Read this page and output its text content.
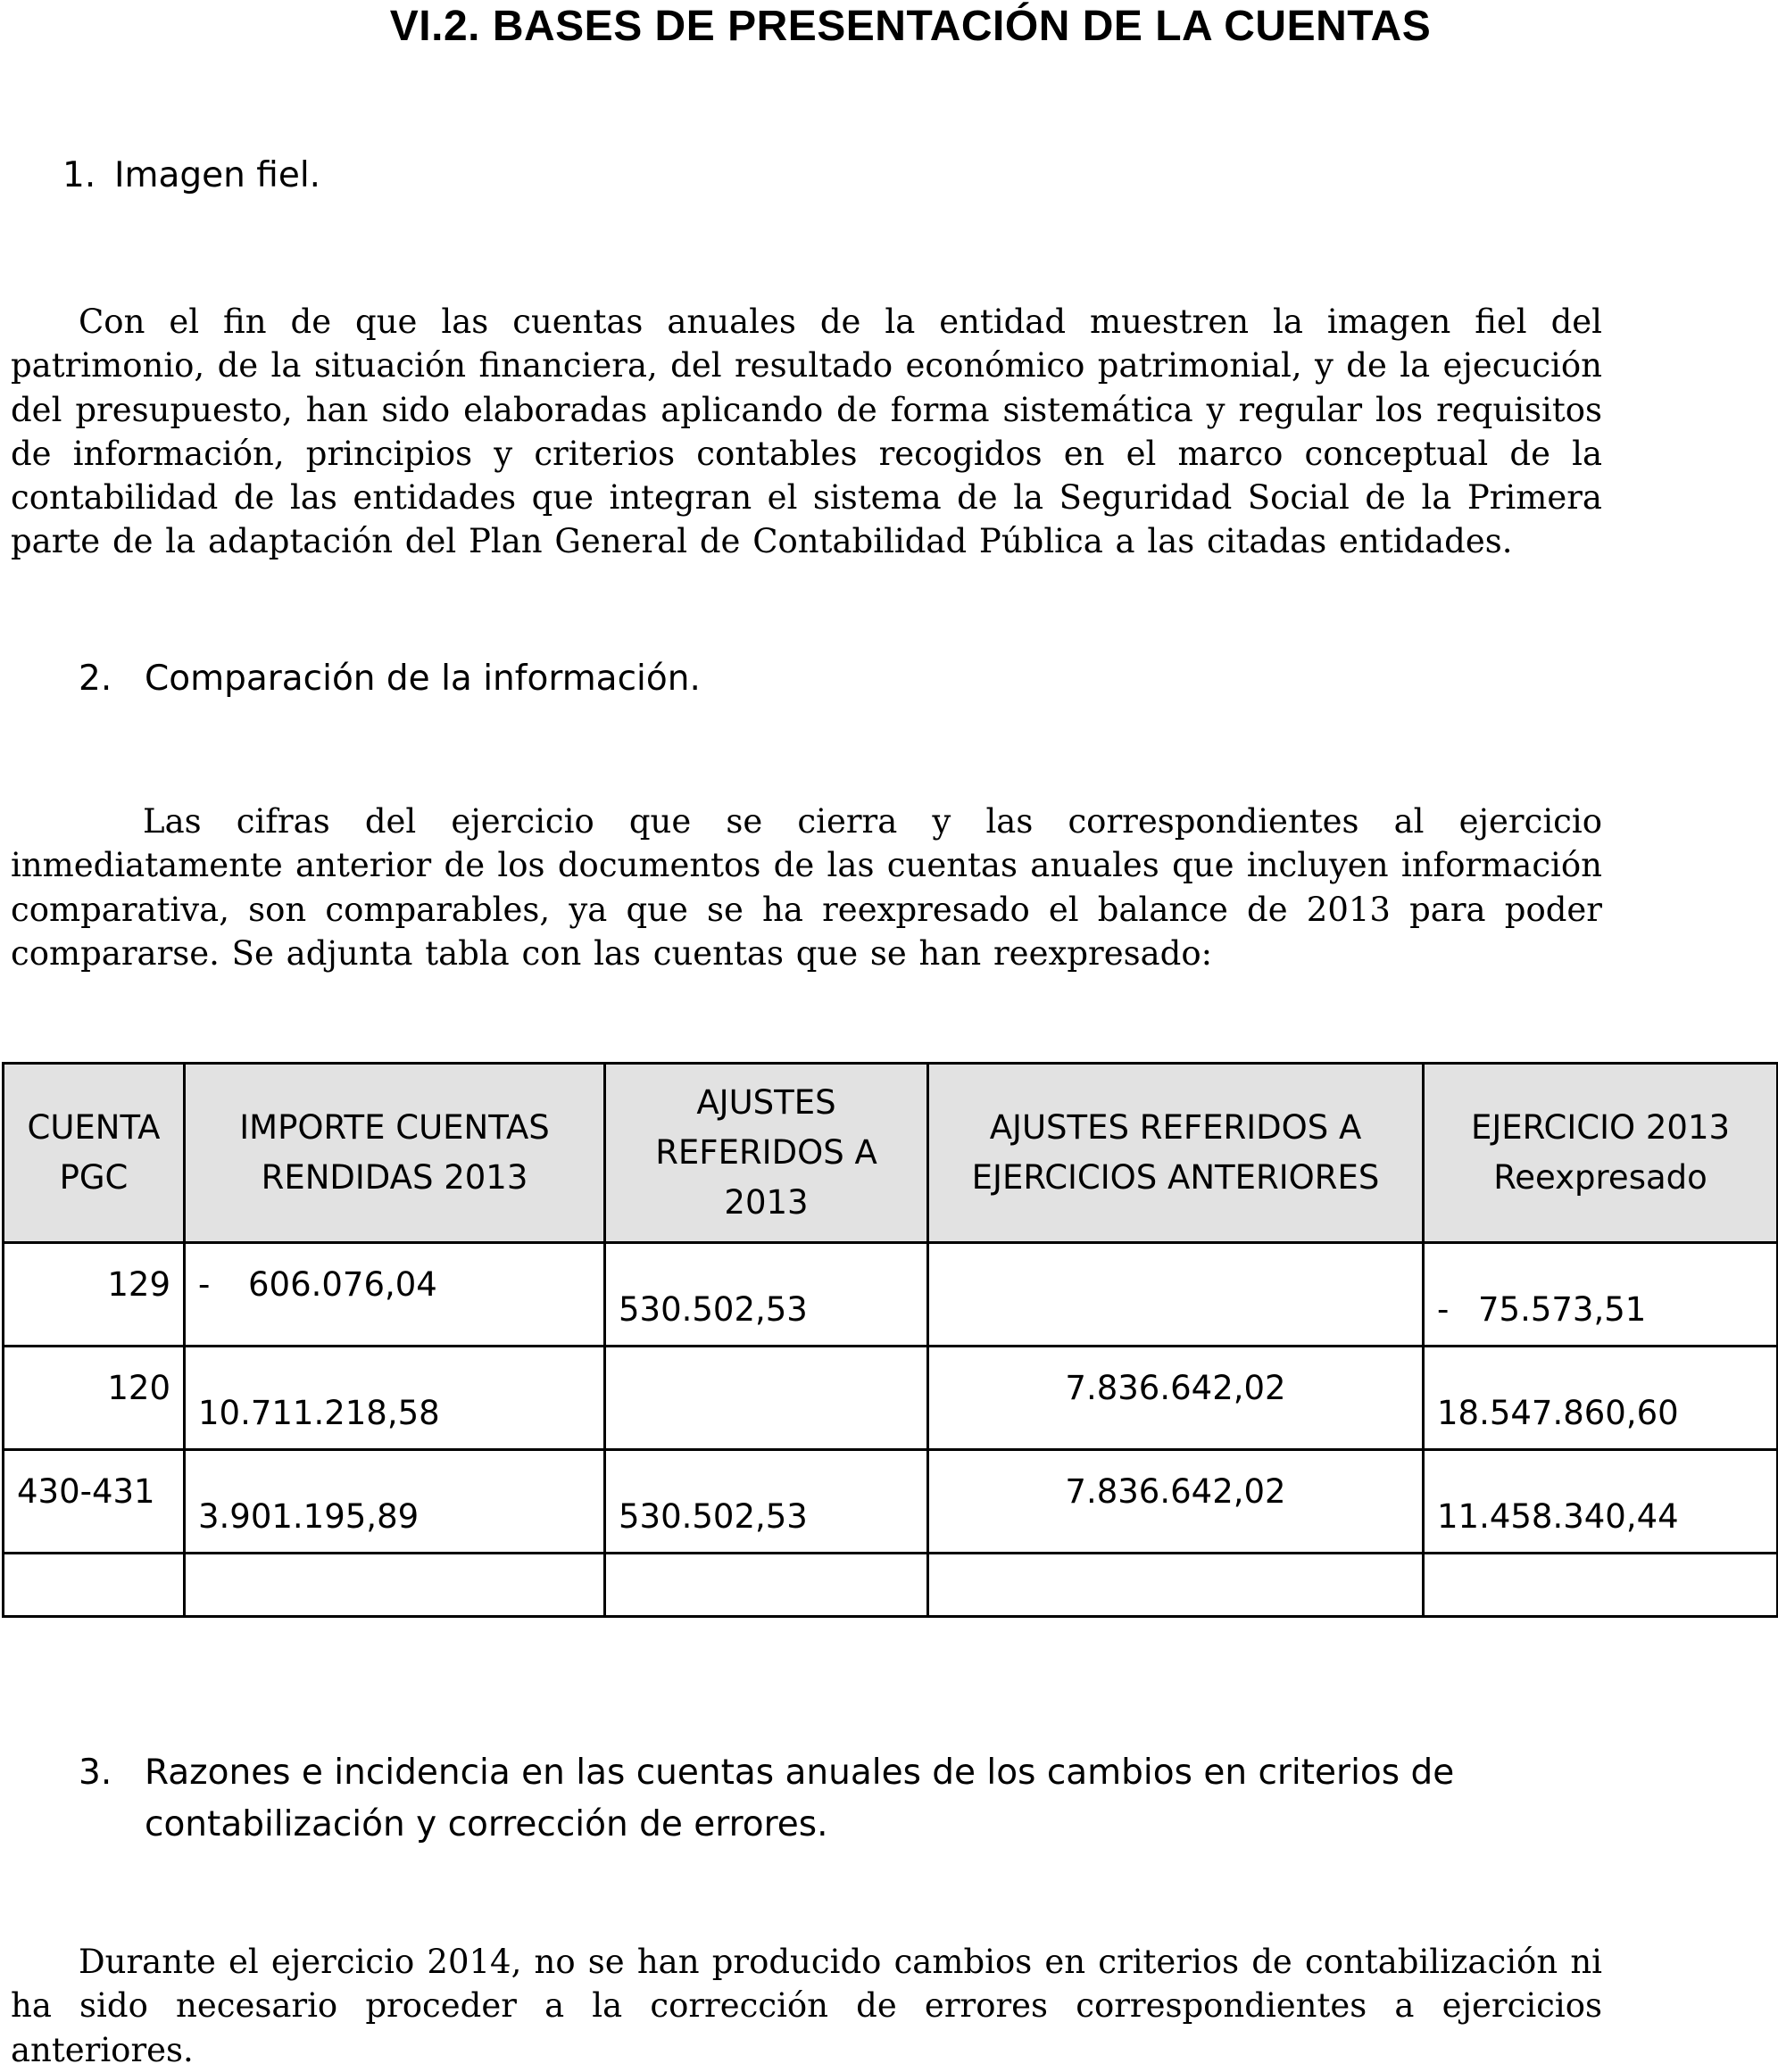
VI.2. BASES DE PRESENTACIÓN DE LA CUENTAS
1. Imagen fiel.
Con el fin de que las cuentas anuales de la entidad muestren la imagen fiel del patrimonio, de la situación financiera, del resultado económico patrimonial, y de la ejecución del presupuesto, han sido elaboradas aplicando de forma sistemática y regular los requisitos de información, principios y criterios contables recogidos en el marco conceptual de la contabilidad de las entidades que integran el sistema de la Seguridad Social de la Primera parte de la adaptación del Plan General de Contabilidad Pública a las citadas entidades.
2. Comparación de la información.
Las cifras del ejercicio que se cierra y las correspondientes al ejercicio inmediatamente anterior de los documentos de las cuentas anuales que incluyen información comparativa, son comparables, ya que se ha reexpresado el balance de 2013 para poder compararse. Se adjunta tabla con las cuentas que se han reexpresado:
CUENTA PGC	IMPORTE CUENTAS RENDIDAS 2013	AJUSTES REFERIDOS A 2013	AJUSTES REFERIDOS A EJERCICIOS ANTERIORES	EJERCICIO 2013 Reexpresado

129	- 606.076,04	530.502,53		- 75.573,51

120	10.711.218,58		7.836.642,02	18.547.860,60

430-431	3.901.195,89	530.502,53	7.836.642,02	11.458.340,44

3. Razones e incidencia en las cuentas anuales de los cambios en criterios de contabilización y corrección de errores.
Durante el ejercicio 2014, no se han producido cambios en criterios de contabilización ni ha sido necesario proceder a la corrección de errores correspondientes a ejercicios anteriores.
